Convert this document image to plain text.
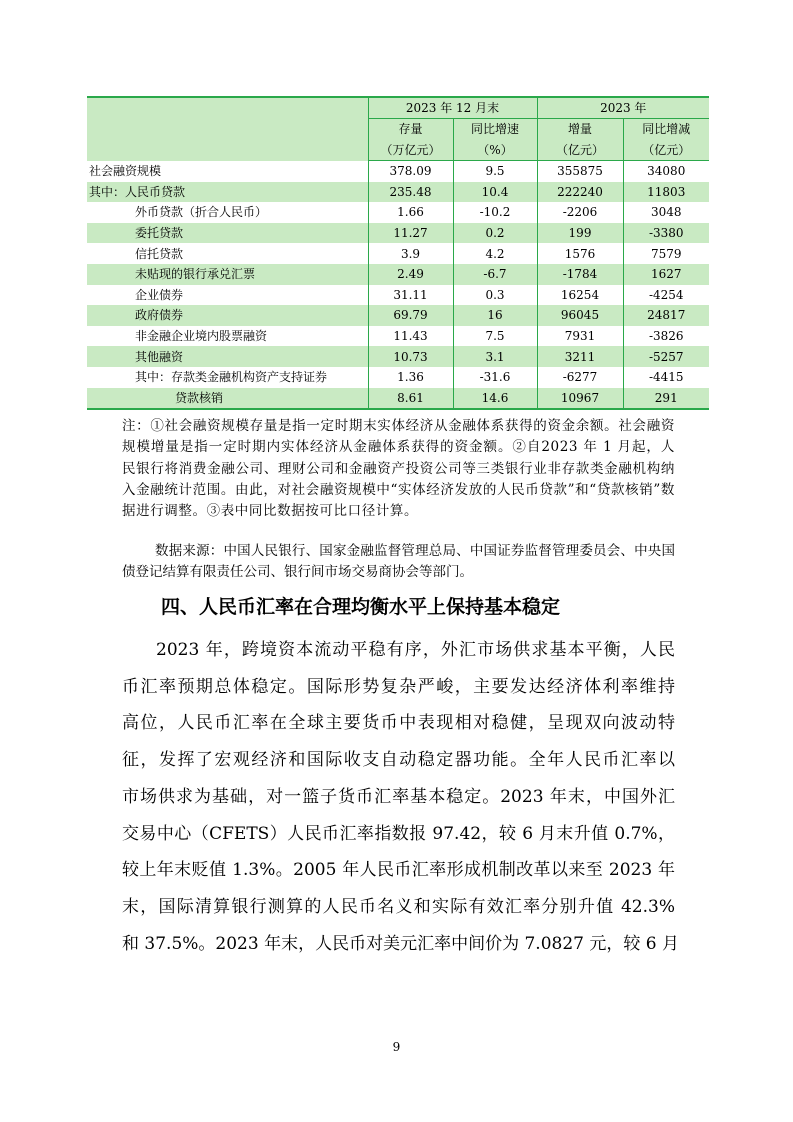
	2023 年 12 月末		2023 年	
	存量	同比增速	增量	同比增减
	（万亿元）	（%）	（亿元）	（亿元）
社会融资规模	378.09	9.5	355875	34080
其中：人民币贷款	235.48	10.4	222240	11803
外币贷款（折合人民币）	1.66	-10.2	-2206	3048
委托贷款	11.27	0.2	199	-3380
信托贷款	3.9	4.2	1576	7579
未贴现的银行承兑汇票	2.49	-6.7	-1784	1627
企业债券	31.11	0.3	16254	-4254
政府债券	69.79	16	96045	24817
非金融企业境内股票融资	11.43	7.5	7931	-3826
其他融资	10.73	3.1	3211	-5257
其中：存款类金融机构资产支持证券	1.36	-31.6	-6277	-4415
贷款核销	8.61	14.6	10967	291
注：①社会融资规模存量是指一定时期末实体经济从金融体系获得的资金余额。社会融资规模增量是指一定时期内实体经济从金融体系获得的资金额。②自2023 年 1 月起，人民银行将消费金融公司、理财公司和金融资产投资公司等三类银行业非存款类金融机构纳入金融统计范围。由此，对社会融资规模中“实体经济发放的人民币贷款”和“贷款核销”数据进行调整。③表中同比数据按可比口径计算。
数据来源：中国人民银行、国家金融监督管理总局、中国证券监督管理委员会、中央国债登记结算有限责任公司、银行间市场交易商协会等部门。
四、人民币汇率在合理均衡水平上保持基本稳定
2023 年，跨境资本流动平稳有序，外汇市场供求基本平衡，人民
币汇率预期总体稳定。国际形势复杂严峻，主要发达经济体利率维持
高位，人民币汇率在全球主要货币中表现相对稳健，呈现双向波动特
征，发挥了宏观经济和国际收支自动稳定器功能。全年人民币汇率以
市场供求为基础，对一篮子货币汇率基本稳定。2023 年末，中国外汇
交易中心（CFETS）人民币汇率指数报 97.42，较 6 月末升值 0.7%，
较上年末贬值 1.3%。2005 年人民币汇率形成机制改革以来至 2023 年
末，国际清算银行测算的人民币名义和实际有效汇率分别升值 42.3%
和 37.5%。2023 年末，人民币对美元汇率中间价为 7.0827 元，较 6 月
9
